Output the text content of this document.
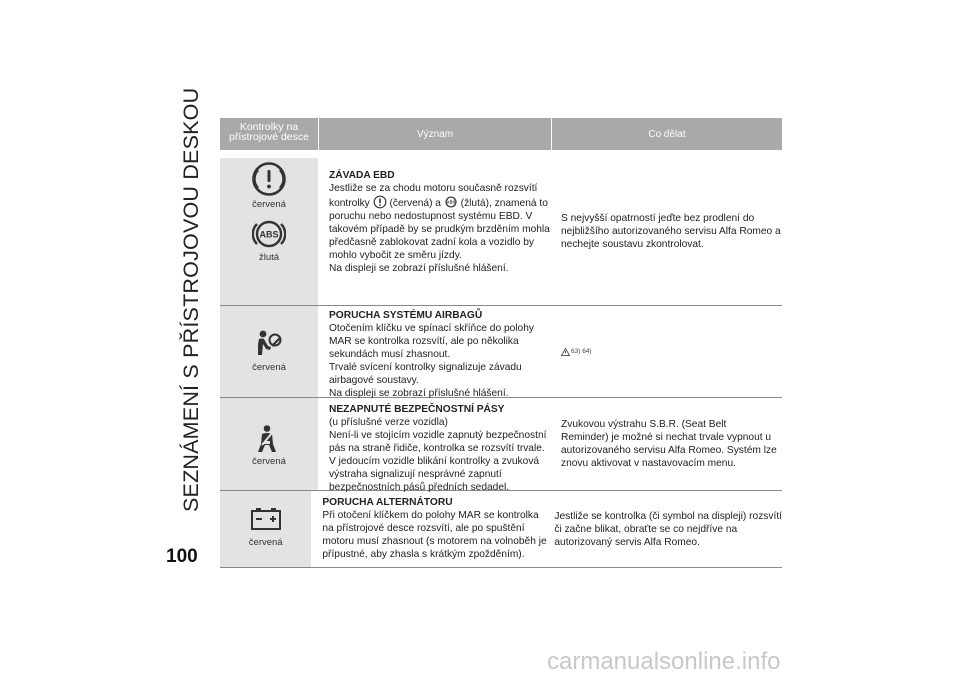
SEZNÁMENÍ S PŘÍSTROJOVOU DESKOU
100
Kontrolky na
přístrojové desce	Význam	Co dělat
červená
ABS
žlutá
ZÁVADA EBD
Jestliže se za chodu motoru současně rozsvítí
kontrolky (červená) a ABS (žlutá), znamená to
poruchu nebo nedostupnost systému EBD. V
takovém případě by se prudkým brzděním mohla
předčasně zablokovat zadní kola a vozidlo by
mohlo vybočit ze směru jízdy.
Na displeji se zobrazí příslušné hlášení.
S nejvyšší opatrností jeďte bez prodlení do
nejbližšího autorizovaného servisu Alfa Romeo a
nechejte soustavu zkontrolovat.
červená
PORUCHA SYSTÉMU AIRBAGŮ
Otočením klíčku ve spínací skříňce do polohy
MAR se kontrolka rozsvítí, ale po několika
sekundách musí zhasnout.
Trvalé svícení kontrolky signalizuje závadu
airbagové soustavy.
Na displeji se zobrazí příslušné hlášení.
63) 64)
červená
NEZAPNUTÉ BEZPEČNOSTNÍ PÁSY
(u příslušné verze vozidla)
Není-li ve stojícím vozidle zapnutý bezpečnostní
pás na straně řidiče, kontrolka se rozsvítí trvale.
V jedoucím vozidle blikání kontrolky a zvuková
výstraha signalizují nesprávné zapnutí
bezpečnostních pásů předních sedadel.
Zvukovou výstrahu S.B.R. (Seat Belt
Reminder) je možné si nechat trvale vypnout u
autorizovaného servisu Alfa Romeo. Systém lze
znovu aktivovat v nastavovacím menu.
červená
PORUCHA ALTERNÁTORU
Při otočení klíčkem do polohy MAR se kontrolka
na přístrojové desce rozsvítí, ale po spuštění
motoru musí zhasnout (s motorem na volnoběh je
přípustné, aby zhasla s krátkým zpožděním).
Jestliže se kontrolka (či symbol na displeji) rozsvítí
či začne blikat, obraťte se co nejdříve na
autorizovaný servis Alfa Romeo.
carmanualsonline.info
